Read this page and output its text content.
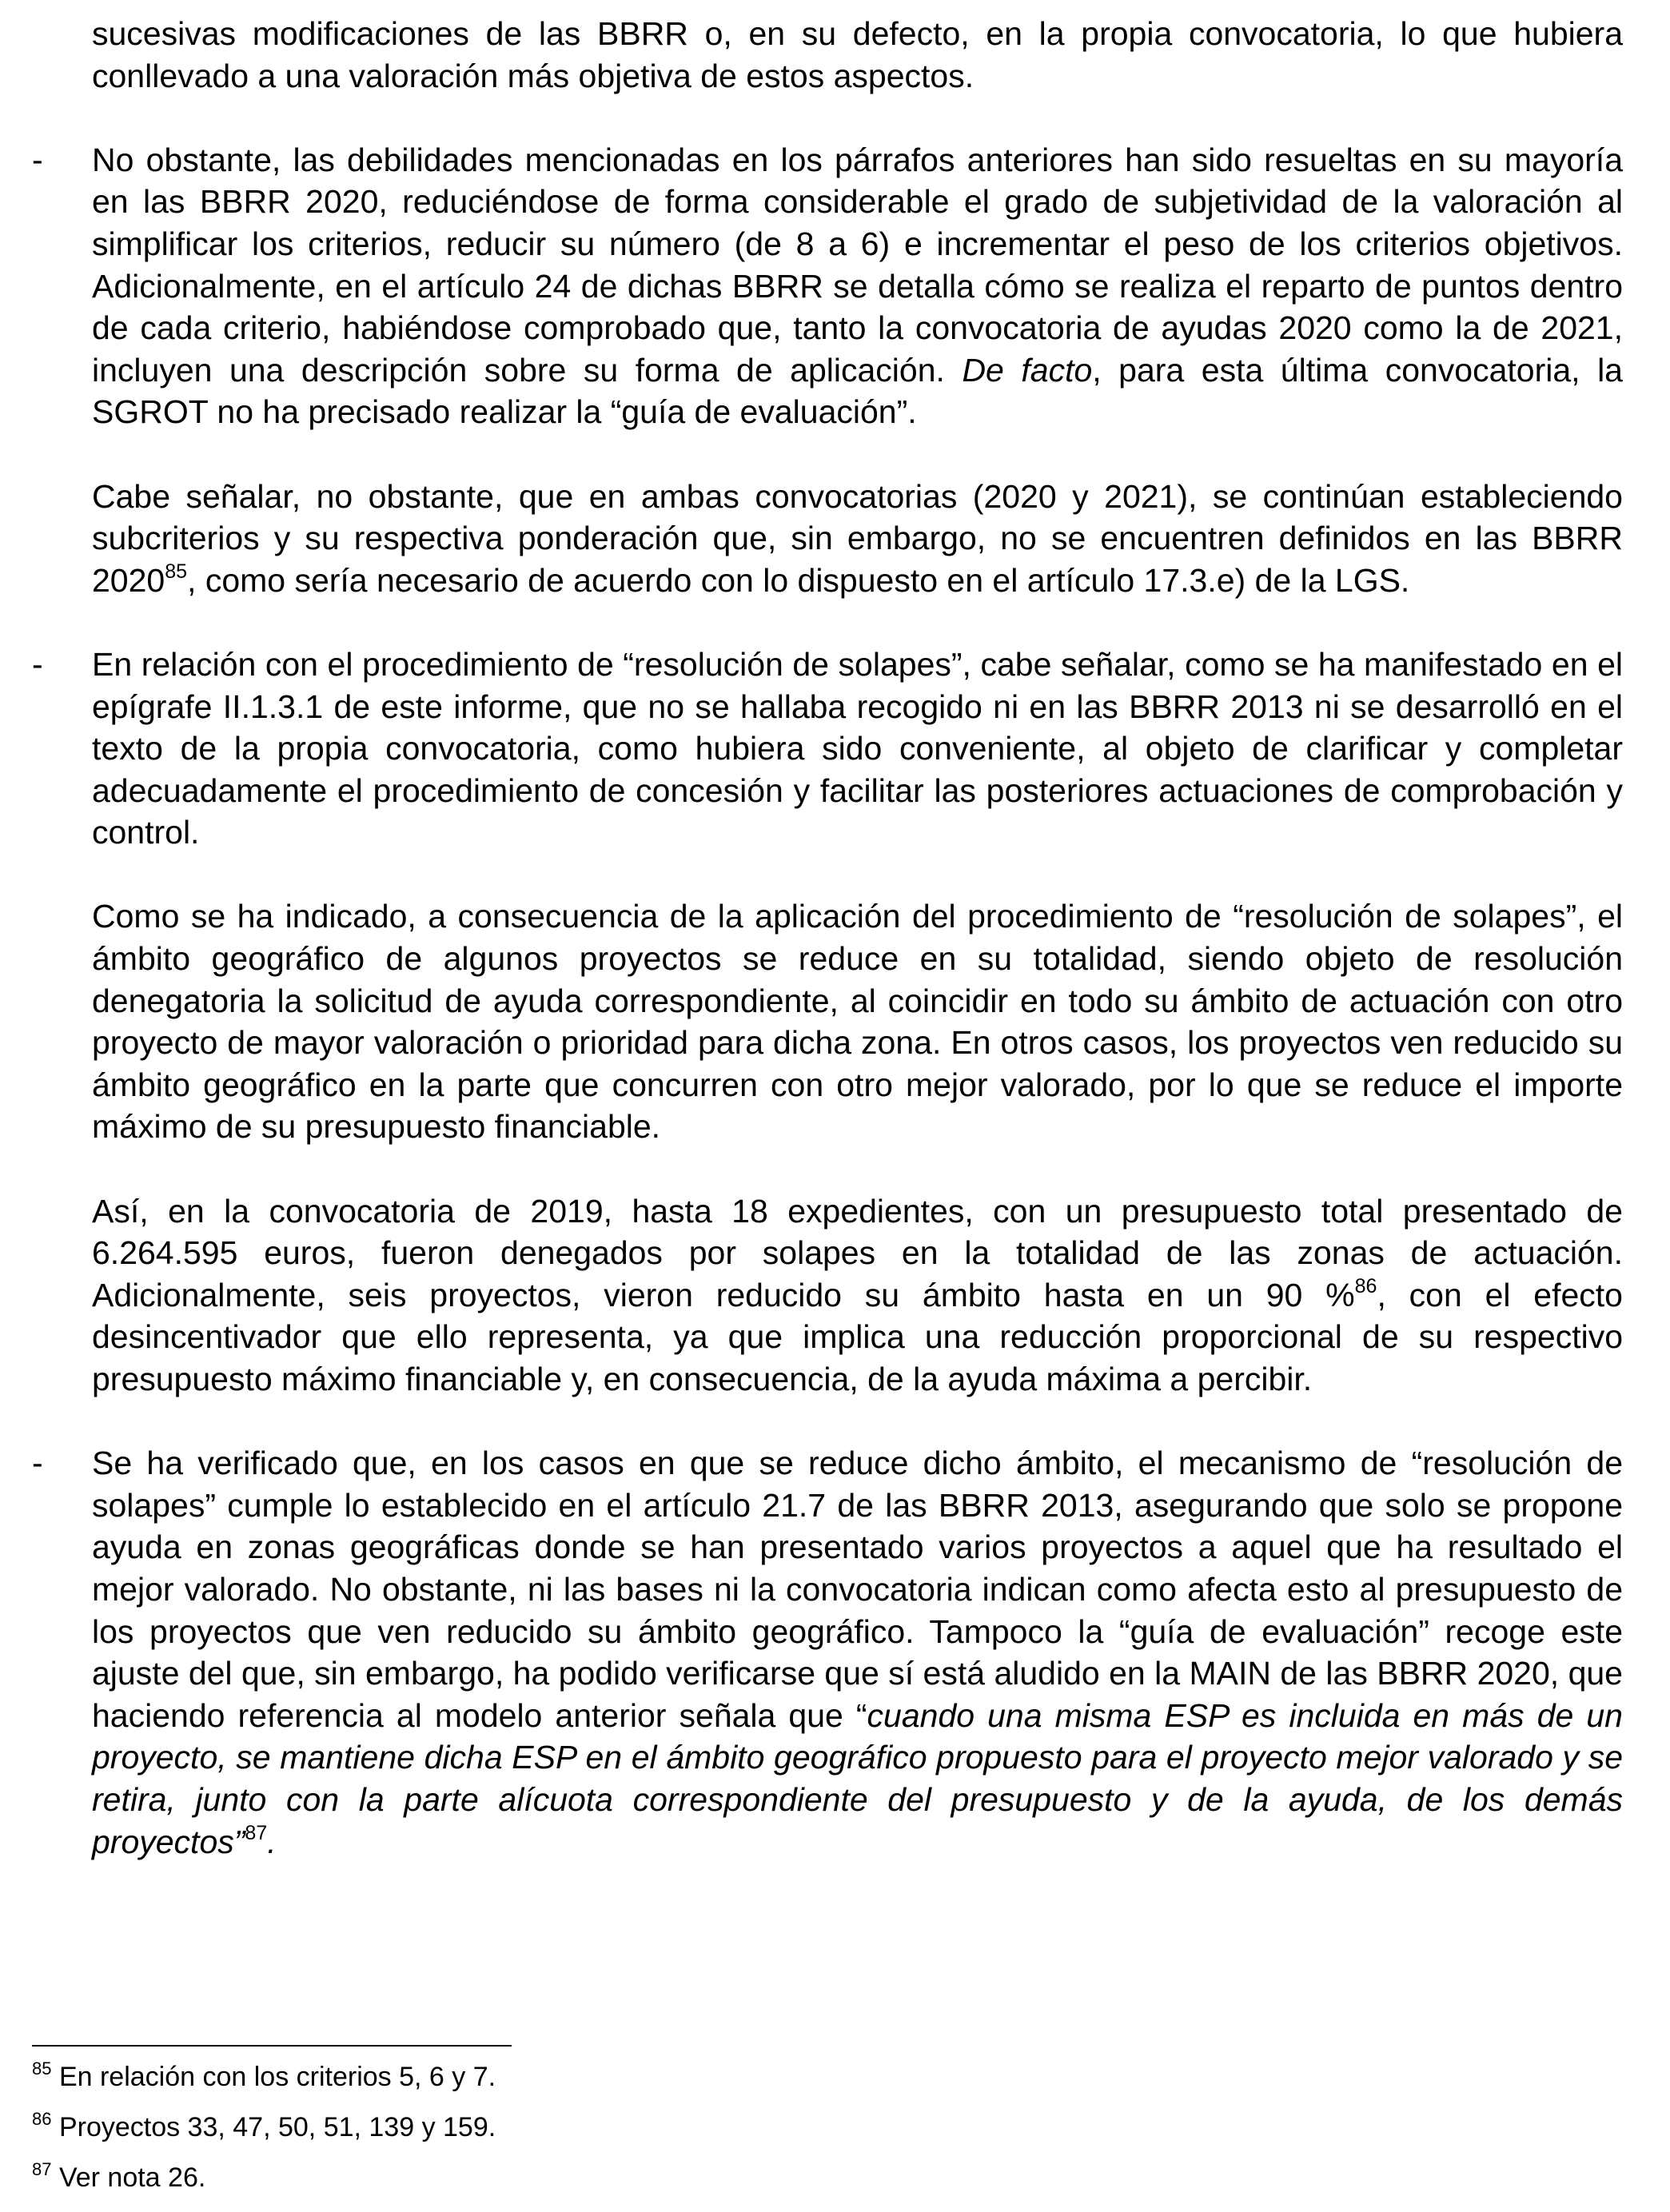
sucesivas modificaciones de las BBRR o, en su defecto, en la propia convocatoria, lo que hubiera conllevado a una valoración más objetiva de estos aspectos.

- No obstante, las debilidades mencionadas en los párrafos anteriores han sido resueltas en su mayoría en las BBRR 2020, reduciéndose de forma considerable el grado de subjetividad de la valoración al simplificar los criterios, reducir su número (de 8 a 6) e incrementar el peso de los criterios objetivos. Adicionalmente, en el artículo 24 de dichas BBRR se detalla cómo se realiza el reparto de puntos dentro de cada criterio, habiéndose comprobado que, tanto la convocatoria de ayudas 2020 como la de 2021, incluyen una descripción sobre su forma de aplicación. De facto, para esta última convocatoria, la SGROT no ha precisado realizar la “guía de evaluación”.

Cabe señalar, no obstante, que en ambas convocatorias (2020 y 2021), se continúan estableciendo subcriterios y su respectiva ponderación que, sin embargo, no se encuentren definidos en las BBRR 2020$^{85}$, como sería necesario de acuerdo con lo dispuesto en el artículo 17.3.e) de la LGS.

- En relación con el procedimiento de “resolución de solapes”, cabe señalar, como se ha manifestado en el epígrafe II.1.3.1 de este informe, que no se hallaba recogido ni en las BBRR 2013 ni se desarrolló en el texto de la propia convocatoria, como hubiera sido conveniente, al objeto de clarificar y completar adecuadamente el procedimiento de concesión y facilitar las posteriores actuaciones de comprobación y control.

Como se ha indicado, a consecuencia de la aplicación del procedimiento de “resolución de solapes”, el ámbito geográfico de algunos proyectos se reduce en su totalidad, siendo objeto de resolución denegatoria la solicitud de ayuda correspondiente, al coincidir en todo su ámbito de actuación con otro proyecto de mayor valoración o prioridad para dicha zona. En otros casos, los proyectos ven reducido su ámbito geográfico en la parte que concurren con otro mejor valorado, por lo que se reduce el importe máximo de su presupuesto financiable.

Así, en la convocatoria de 2019, hasta 18 expedientes, con un presupuesto total presentado de 6.264.595 euros, fueron denegados por solapes en la totalidad de las zonas de actuación. Adicionalmente, seis proyectos, vieron reducido su ámbito hasta en un 90 %$^{86}$, con el efecto desincentivador que ello representa, ya que implica una reducción proporcional de su respectivo presupuesto máximo financiable y, en consecuencia, de la ayuda máxima a percibir.

- Se ha verificado que, en los casos en que se reduce dicho ámbito, el mecanismo de “resolución de solapes” cumple lo establecido en el artículo 21.7 de las BBRR 2013, asegurando que solo se propone ayuda en zonas geográficas donde se han presentado varios proyectos a aquel que ha resultado el mejor valorado. No obstante, ni las bases ni la convocatoria indican como afecta esto al presupuesto de los proyectos que ven reducido su ámbito geográfico. Tampoco la “guía de evaluación” recoge este ajuste del que, sin embargo, ha podido verificarse que sí está aludido en la MAIN de las BBRR 2020, que haciendo referencia al modelo anterior señala que “cuando una misma ESP es incluida en más de un proyecto, se mantiene dicha ESP en el ámbito geográfico propuesto para el proyecto mejor valorado y se retira, junto con la parte alícuota correspondiente del presupuesto y de la ayuda, de los demás proyectos”$^{87}$.

$^{85}$ En relación con los criterios 5, 6 y 7.

$^{86}$ Proyectos 33, 47, 50, 51, 139 y 159.

$^{87}$ Ver nota 26.
